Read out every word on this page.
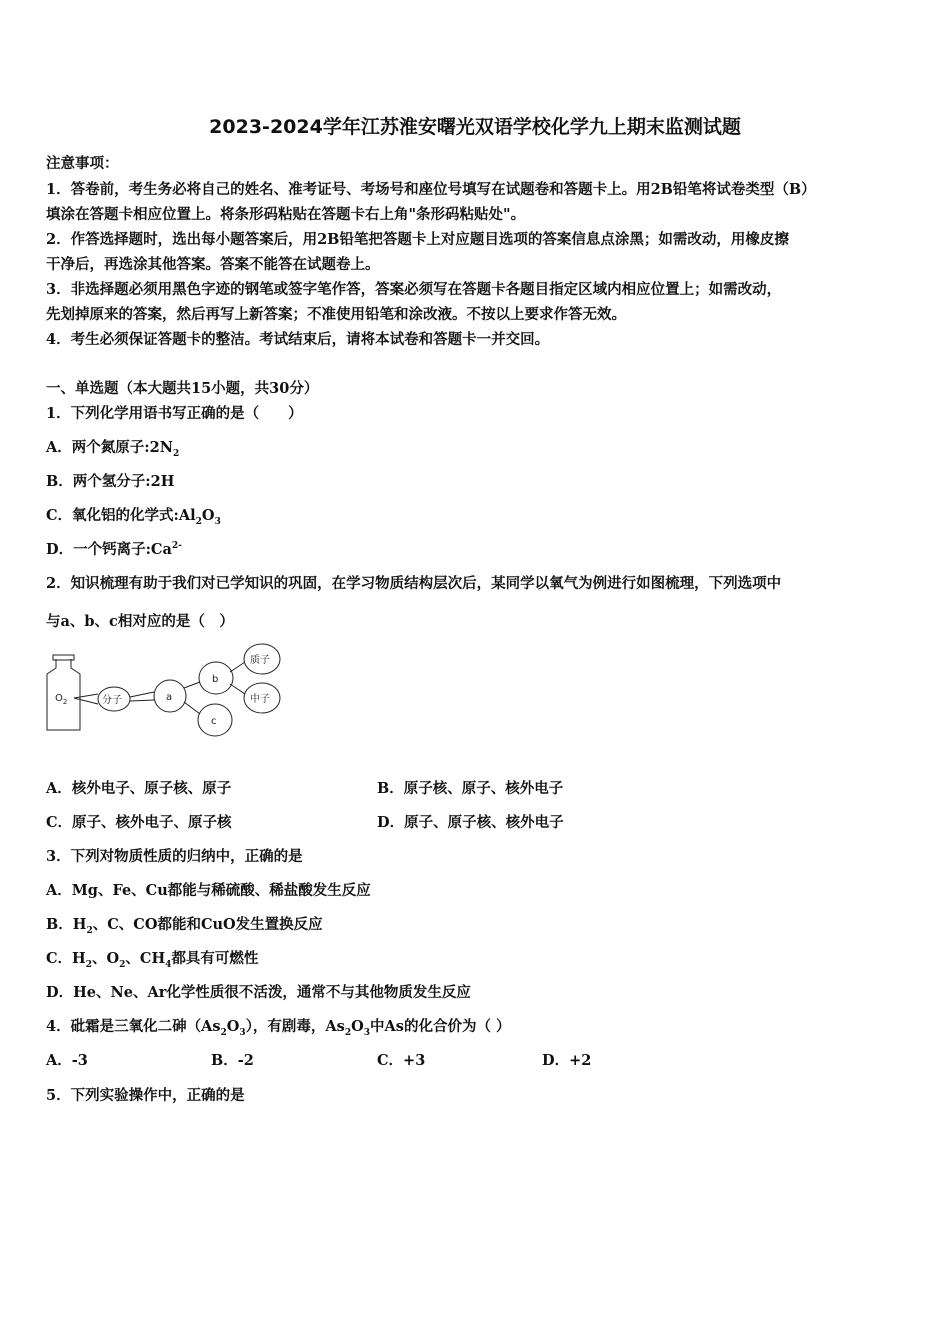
2023-2024学年江苏淮安曙光双语学校化学九上期末监测试题
注意事项：
1．答卷前，考生务必将自己的姓名、准考证号、考场号和座位号填写在试题卷和答题卡上。用2B铅笔将试卷类型（B）
填涂在答题卡相应位置上。将条形码粘贴在答题卡右上角"条形码粘贴处"。
2．作答选择题时，选出每小题答案后，用2B铅笔把答题卡上对应题目选项的答案信息点涂黑；如需改动，用橡皮擦
干净后，再选涂其他答案。答案不能答在试题卷上。
3．非选择题必须用黑色字迹的钢笔或签字笔作答，答案必须写在答题卡各题目指定区域内相应位置上；如需改动，
先划掉原来的答案，然后再写上新答案；不准使用铅笔和涂改液。不按以上要求作答无效。
4．考生必须保证答题卡的整洁。考试结束后，请将本试卷和答题卡一并交回。
一、单选题（本大题共15小题，共30分）
1．下列化学用语书写正确的是（　　）
A．两个氮原子$:2N_2$
B．两个氢分子:2H
C．氧化铝的化学式$:Al_2O_3$
D．一个钙离子$:Ca^{2-}$
2．知识梳理有助于我们对已学知识的巩固，在学习物质结构层次后，某同学以氧气为例进行如图梳理，下列选项中
与a、b、c相对应的是（　）
$O_2$	分子	a
b
c
质子
中子
A．核外电子、原子核、原子	B．原子核、原子、核外电子
C．原子、核外电子、原子核	D．原子、原子核、核外电子
3．下列对物质性质的归纳中，正确的是
A．Mg、Fe、Cu都能与稀硫酸、稀盐酸发生反应
B．$H_2$、C、CO都能和CuO发生置换反应
C．$H_2$、$O_2$、$CH_4$都具有可燃性
D．He、Ne、Ar化学性质很不活泼，通常不与其他物质发生反应
4．砒霜是三氧化二砷$(As_2O_3)$，有剧毒，$As_2O_3$中As的化合价为（ ）
A．-3	B．-2	C．+3	D．+2
5．下列实验操作中，正确的是
